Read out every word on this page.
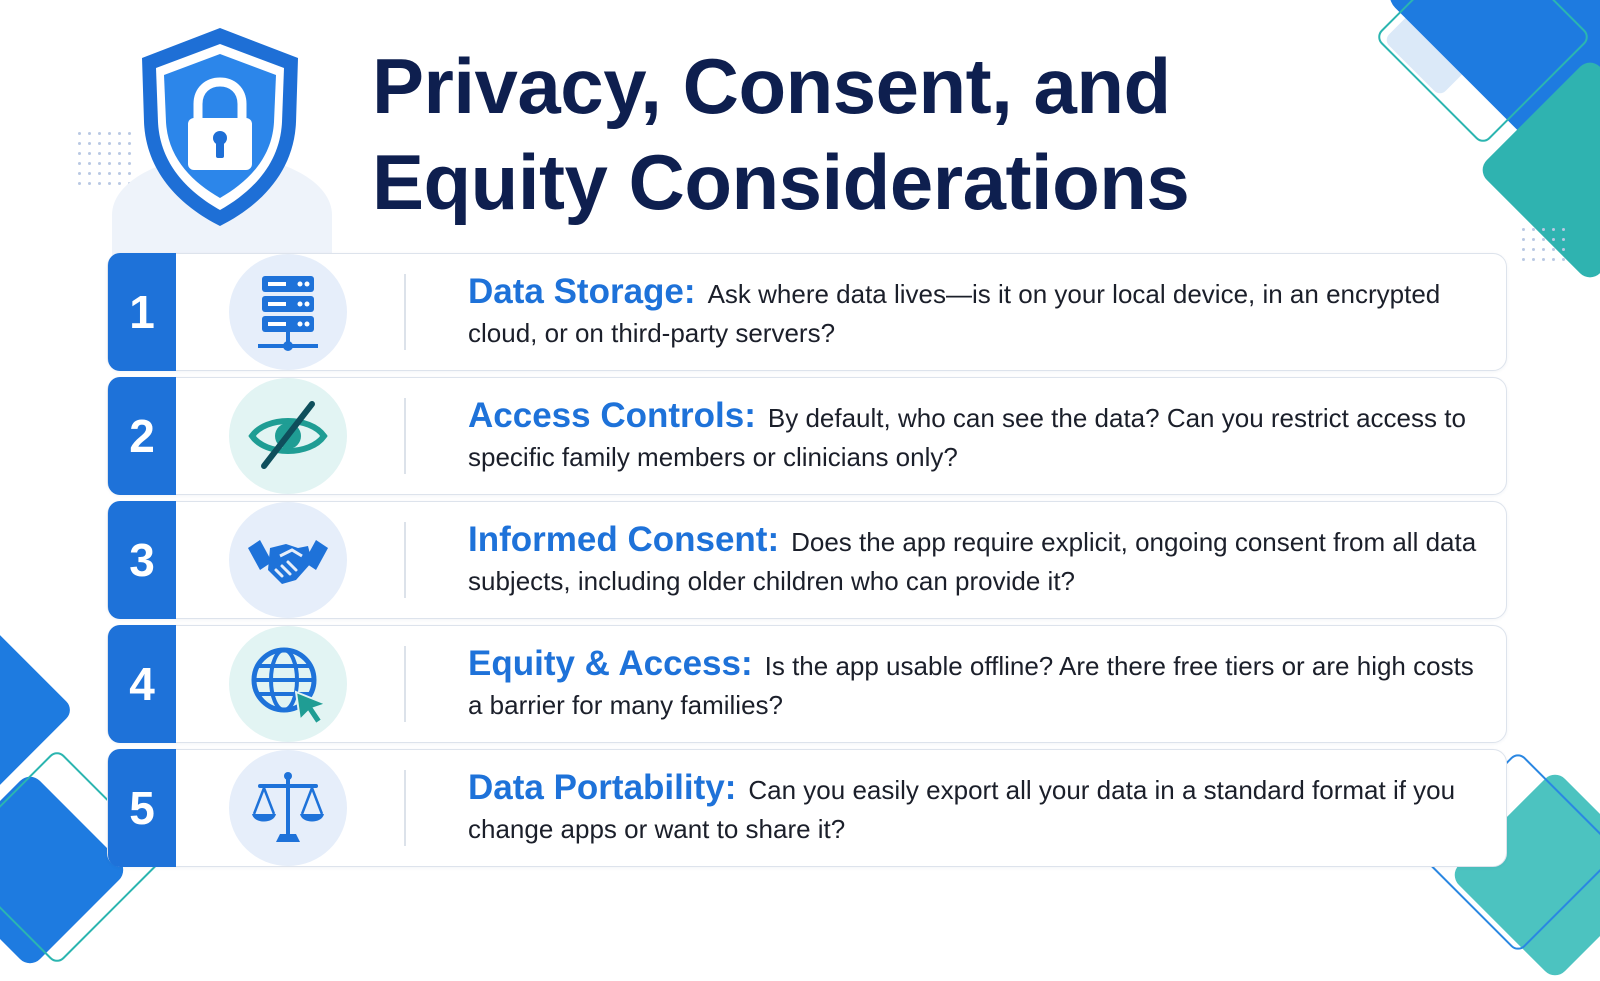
Privacy, Consent, and
Equity Considerations
1	Data Storage: Ask where data lives—is it on your local device, in an encrypted cloud, or on third-party servers?
2	Access Controls: By default, who can see the data? Can you restrict access to specific family members or clinicians only?
3	Informed Consent: Does the app require explicit, ongoing consent from all data subjects, including older children who can provide it?
4	Equity & Access: Is the app usable offline? Are there free tiers or are high costs a barrier for many families?
5	Data Portability: Can you easily export all your data in a standard format if you change apps or want to share it?
